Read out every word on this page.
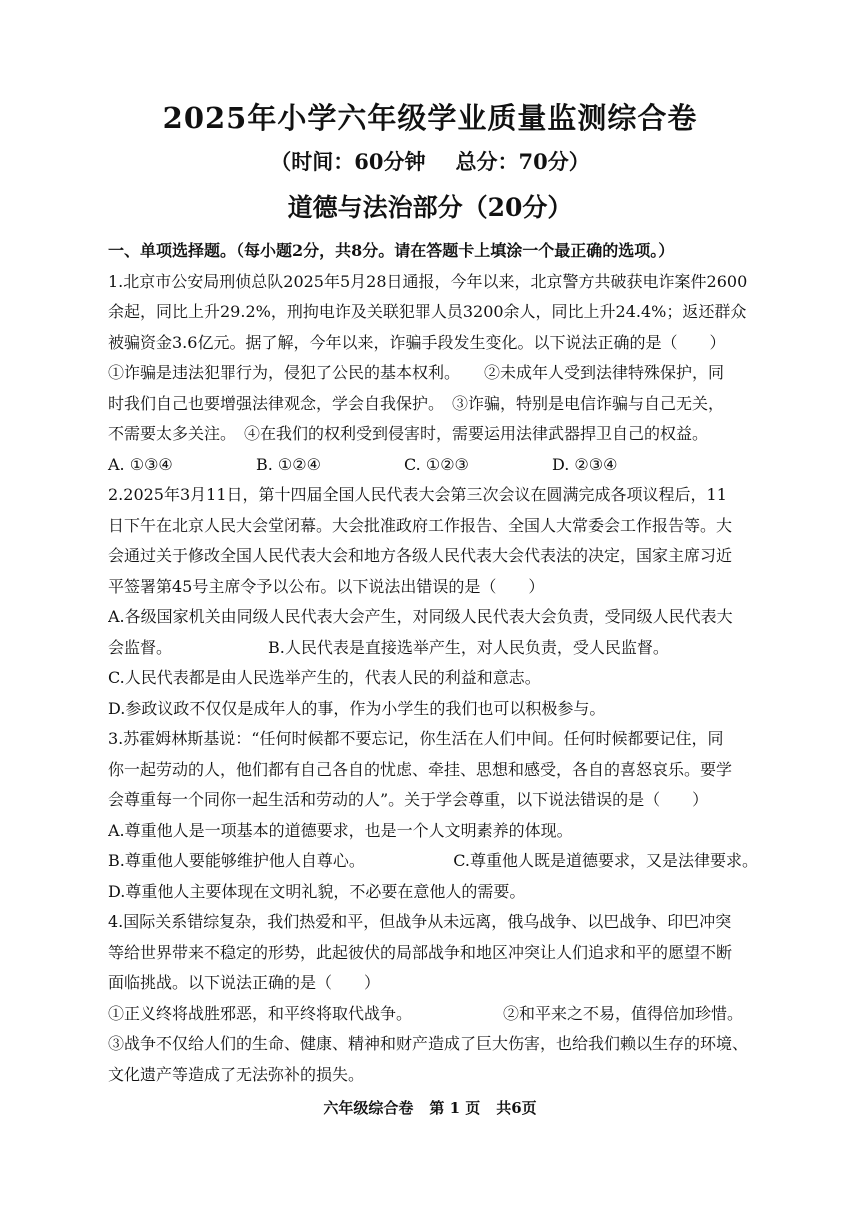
2025年小学六年级学业质量监测综合卷
（时间：60分钟 总分：70分）
道德与法治部分（20分）
一、单项选择题。（每小题2分，共8分。请在答题卡上填涂一个最正确的选项。）
1.北京市公安局刑侦总队2025年5月28日通报，今年以来，北京警方共破获电诈案件2600
余起，同比上升29.2%，刑拘电诈及关联犯罪人员3200余人，同比上升24.4%；返还群众
被骗资金3.6亿元。据了解，今年以来，诈骗手段发生变化。以下说法正确的是（　　）
①诈骗是违法犯罪行为，侵犯了公民的基本权利。　　②未成年人受到法律特殊保护，同
时我们自己也要增强法律观念，学会自我保护。　③诈骗，特别是电信诈骗与自己无关，
不需要太多关注。　④在我们的权利受到侵害时，需要运用法律武器捍卫自己的权益。
A. ①③④	B. ①②④	C. ①②③	D. ②③④
2.2025年3月11日，第十四届全国人民代表大会第三次会议在圆满完成各项议程后，11
日下午在北京人民大会堂闭幕。大会批准政府工作报告、全国人大常委会工作报告等。大
会通过关于修改全国人民代表大会和地方各级人民代表大会代表法的决定，国家主席习近
平签署第45号主席令予以公布。以下说法出错误的是（　　）
A.各级国家机关由同级人民代表大会产生，对同级人民代表大会负责，受同级人民代表大
会监督。	B.人民代表是直接选举产生，对人民负责，受人民监督。
C.人民代表都是由人民选举产生的，代表人民的利益和意志。
D.参政议政不仅仅是成年人的事，作为小学生的我们也可以积极参与。
3.苏霍姆林斯基说：“任何时候都不要忘记，你生活在人们中间。任何时候都要记住，同
你一起劳动的人，他们都有自己各自的忧虑、牵挂、思想和感受，各自的喜怒哀乐。要学
会尊重每一个同你一起生活和劳动的人”。关于学会尊重，以下说法错误的是（　　）
A.尊重他人是一项基本的道德要求，也是一个人文明素养的体现。
B.尊重他人要能够维护他人自尊心。	C.尊重他人既是道德要求，又是法律要求。
D.尊重他人主要体现在文明礼貌，不必要在意他人的需要。
4.国际关系错综复杂，我们热爱和平，但战争从未远离，俄乌战争、以巴战争、印巴冲突
等给世界带来不稳定的形势，此起彼伏的局部战争和地区冲突让人们追求和平的愿望不断
面临挑战。以下说法正确的是（　　）
①正义终将战胜邪恶，和平终将取代战争。	②和平来之不易，值得倍加珍惜。
③战争不仅给人们的生命、健康、精神和财产造成了巨大伤害，也给我们赖以生存的环境、
文化遗产等造成了无法弥补的损失。
六年级综合卷 第 1 页 共6页
